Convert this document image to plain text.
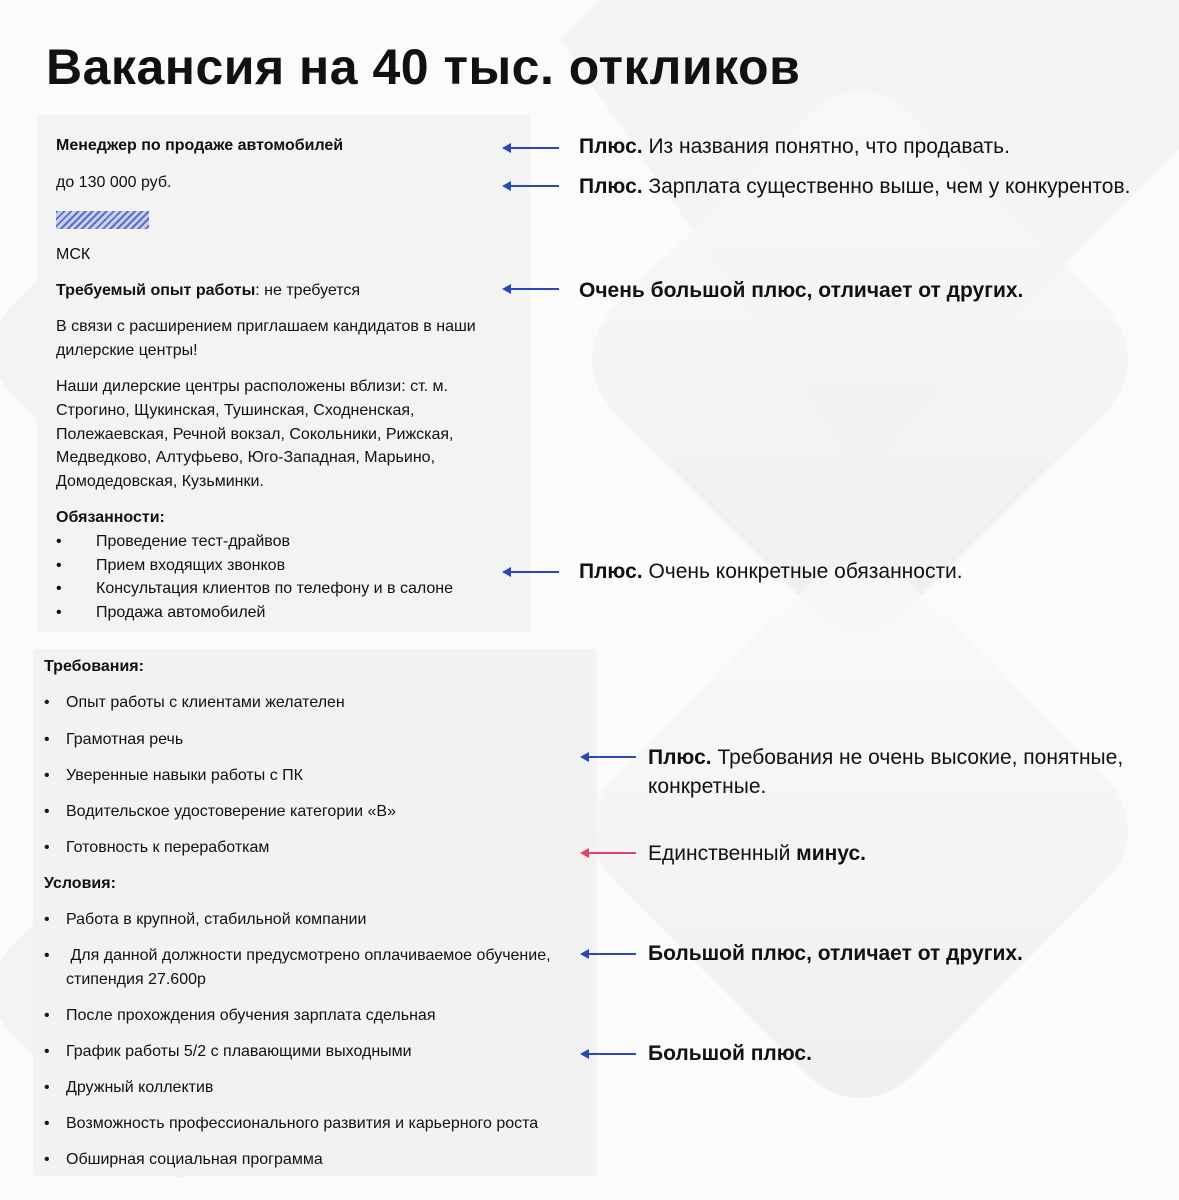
Вакансия на 40 тыс. откликов
Менеджер по продаже автомобилей
до 130 000 руб.
МСК
Требуемый опыт работы: не требуется
В связи с расширением приглашаем кандидатов в наши
дилерские центры!
Наши дилерские центры расположены вблизи: ст. м.
Строгино, Щукинская, Тушинская, Сходненская,
Полежаевская, Речной вокзал, Сокольники, Рижская,
Медведково, Алтуфьево, Юго-Западная, Марьино,
Домодедовская, Кузьминки.
Обязанности:
• Проведение тест-драйвов
• Прием входящих звонков
• Консультация клиентов по телефону и в салоне
• Продажа автомобилей
Требования:
• Опыт работы с клиентами желателен
• Грамотная речь
• Уверенные навыки работы с ПК
• Водительское удостоверение категории «В»
• Готовность к переработкам
Условия:
• Работа в крупной, стабильной компании
• Для данной должности предусмотрено оплачиваемое обучение,
стипендия 27.600р
• После прохождения обучения зарплата сдельная
• График работы 5/2 с плавающими выходными
• Дружный коллектив
• Возможность профессионального развития и карьерного роста
• Обширная социальная программа
Плюс. Из названия понятно, что продавать.
Плюс. Зарплата существенно выше, чем у конкурентов.
Очень большой плюс, отличает от других.
Плюс. Очень конкретные обязанности.
Плюс. Требования не очень высокие, понятные,
конкретные.
Единственный минус.
Большой плюс, отличает от других.
Большой плюс.
